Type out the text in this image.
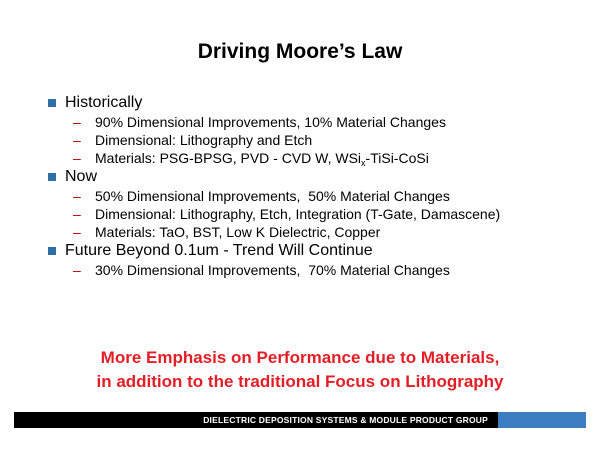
Driving Moore’s Law
Historically
– 90% Dimensional Improvements, 10% Material Changes
– Dimensional: Lithography and Etch
– Materials: PSG-BPSG, PVD - CVD W, WSi$_x$-TiSi-CoSi
Now
– 50% Dimensional Improvements,  50% Material Changes
– Dimensional: Lithography, Etch, Integration (T-Gate, Damascene)
– Materials: TaO, BST, Low K Dielectric, Copper
Future Beyond 0.1um - Trend Will Continue
– 30% Dimensional Improvements,  70% Material Changes
More Emphasis on Performance due to Materials,
in addition to the traditional Focus on Lithography
DIELECTRIC DEPOSITION SYSTEMS & MODULE PRODUCT GROUP
